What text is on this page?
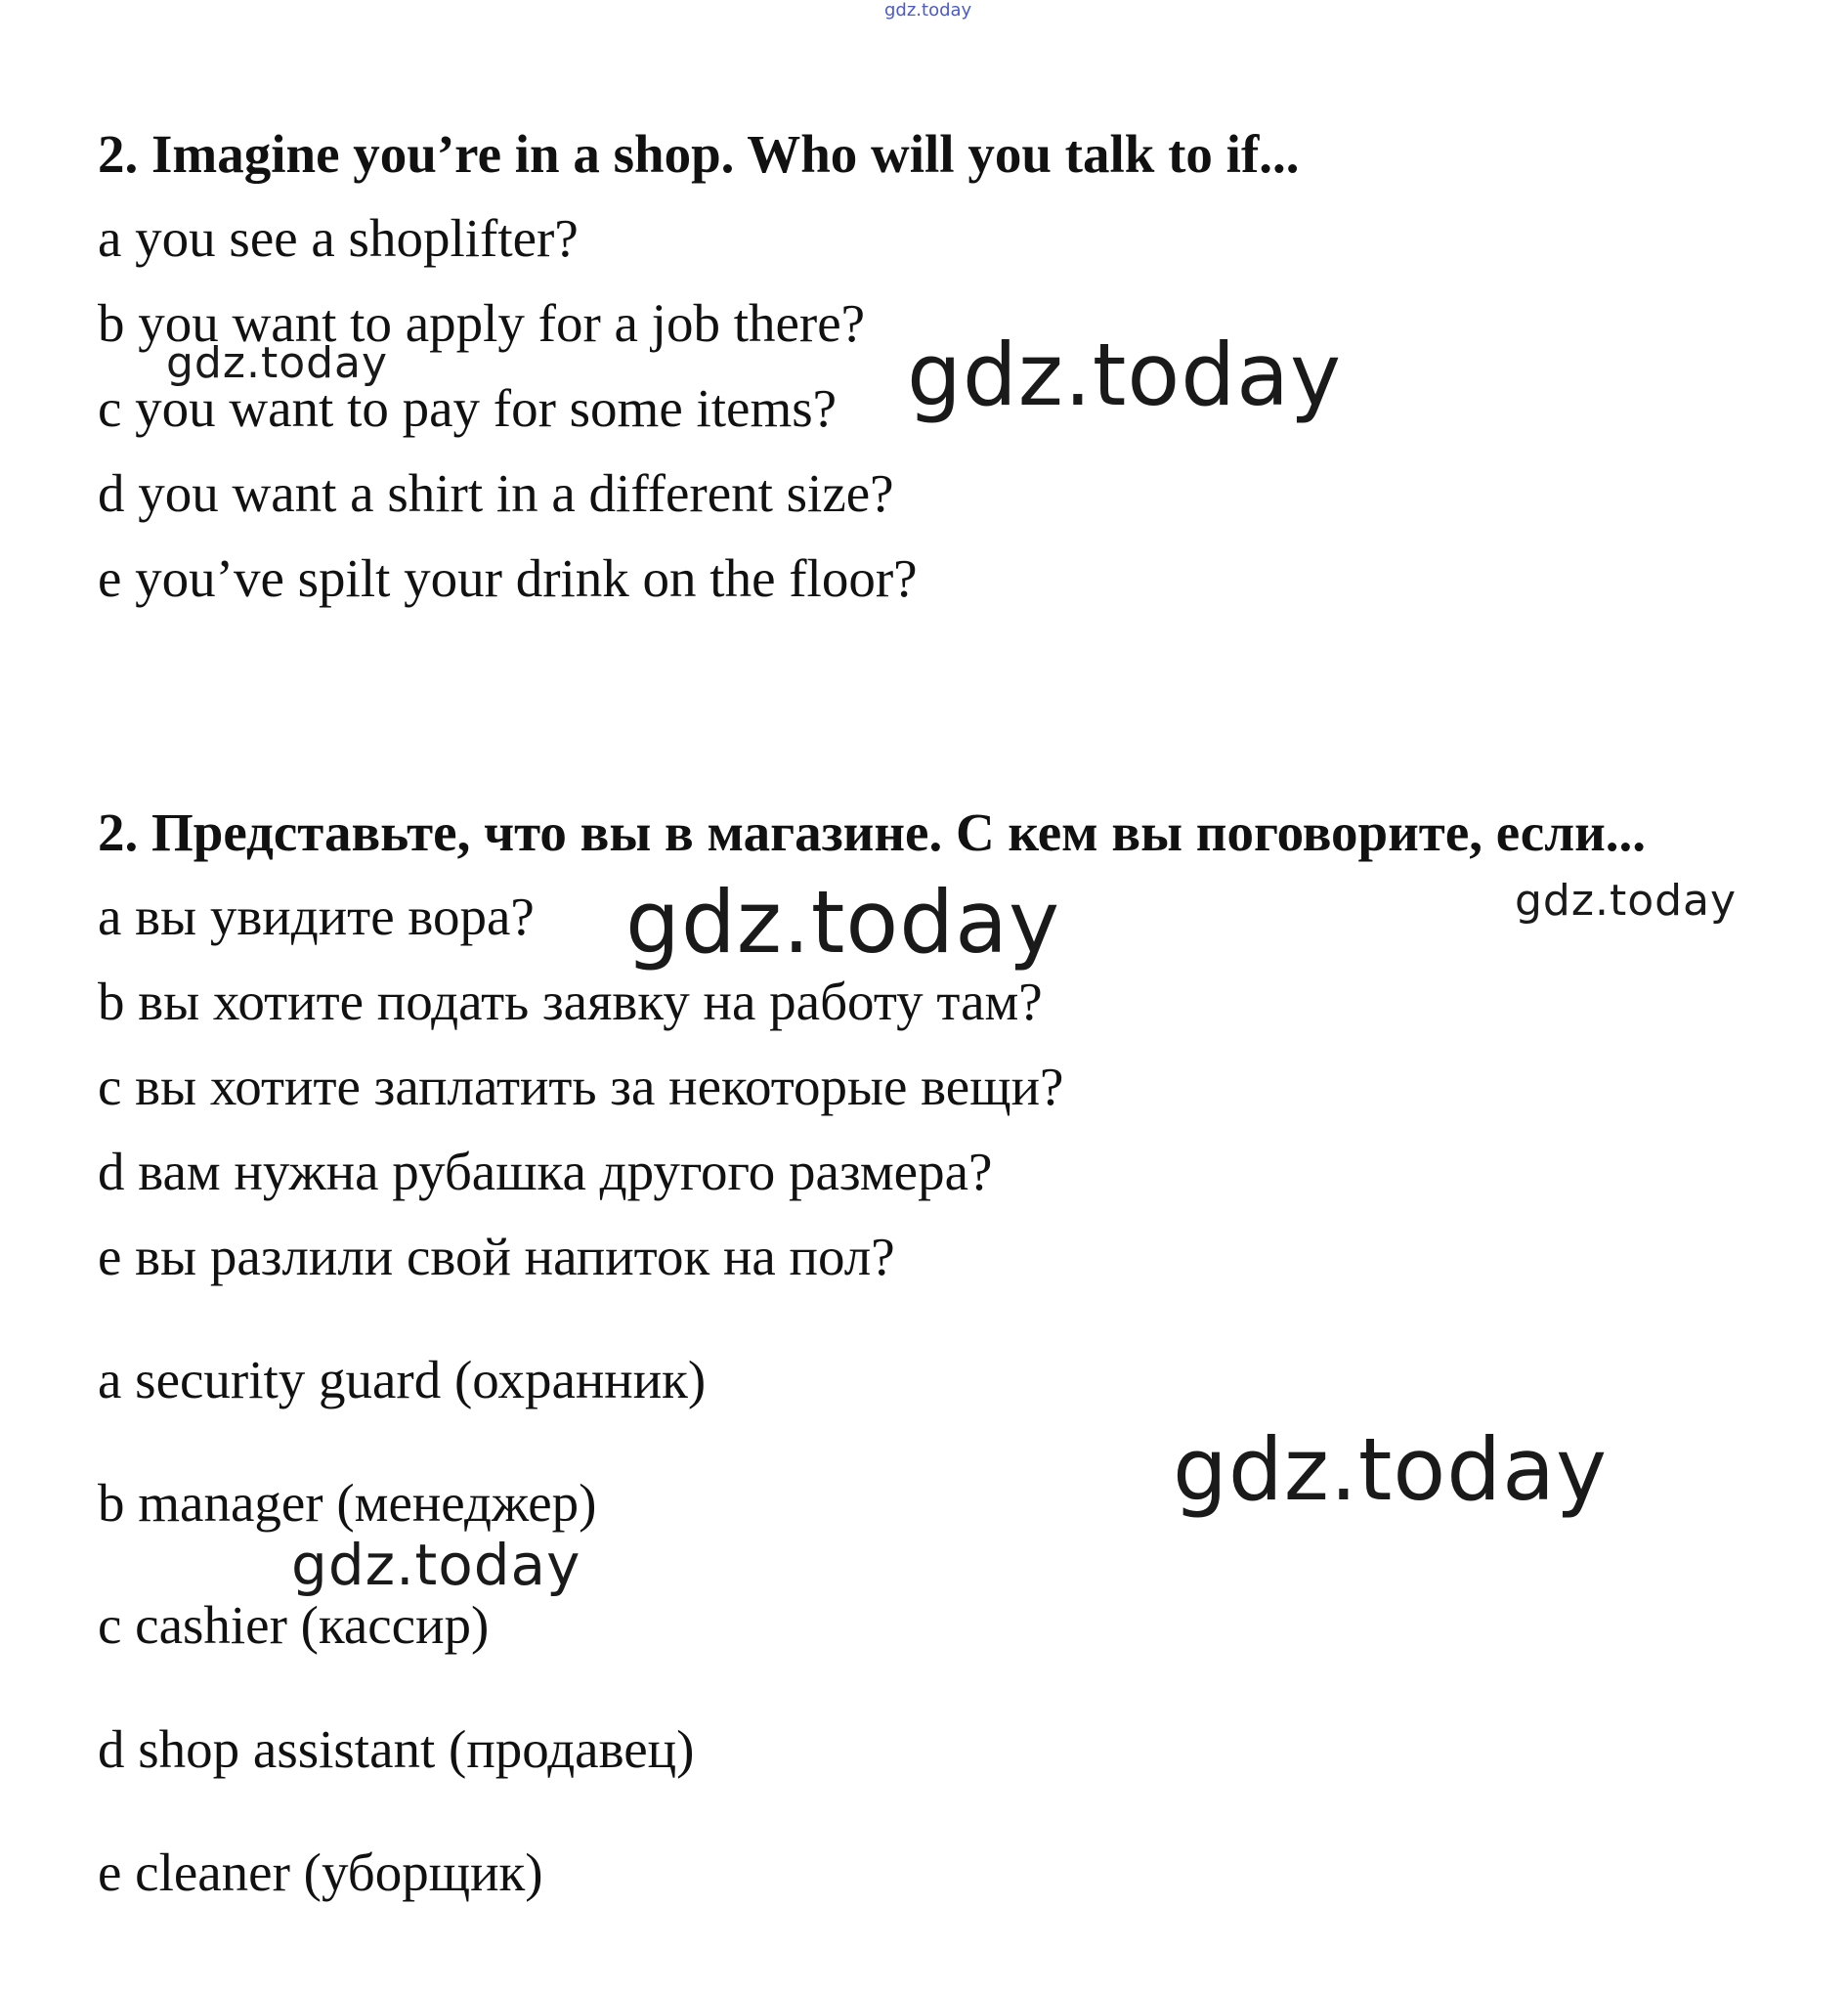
gdz.today
2. Imagine you’re in a shop. Who will you talk to if...
a you see a shoplifter?
b you want to apply for a job there?
c you want to pay for some items?
d you want a shirt in a different size?
e you’ve spilt your drink on the floor?
2. Представьте, что вы в магазине. С кем вы поговорите, если...
a вы увидите вора?
b вы хотите подать заявку на работу там?
c вы хотите заплатить за некоторые вещи?
d вам нужна рубашка другого размера?
e вы разлили свой напиток на пол?
a security guard (охранник)
b manager (менеджер)
c cashier (кассир)
d shop assistant (продавец)
e cleaner (уборщик)
gdz.today	gdz.today
gdz.today	gdz.today
gdz.today
gdz.today
